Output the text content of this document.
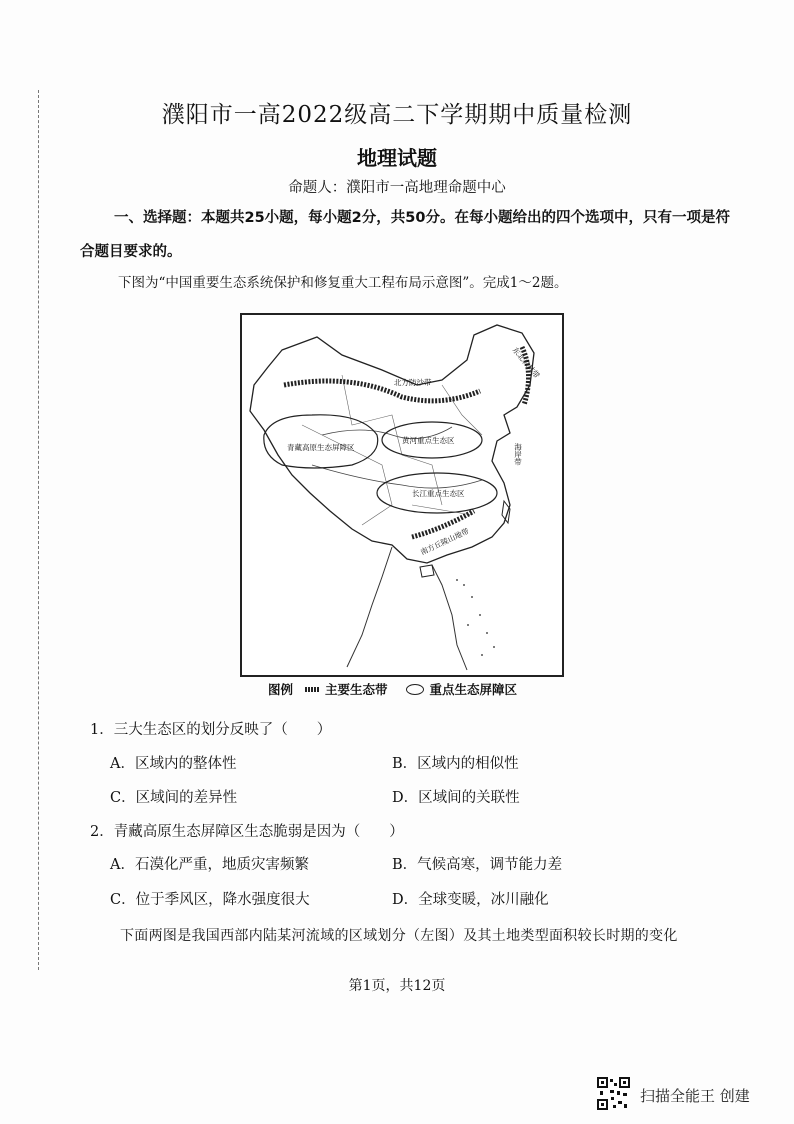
濮阳市一高2022级高二下学期期中质量检测
地理试题
命题人：濮阳市一高地理命题中心
一、选择题：本题共25小题，每小题2分，共50分。在每小题给出的四个选项中，只有一项是符合题目要求的。
下图为“中国重要生态系统保护和修复重大工程布局示意图”。完成1～2题。
北方防沙带
东北森林带
青藏高原生态屏障区
黄河重点生态区
长江重点生态区
海岸带
南方丘陵山地带
图例	主要生态带	重点生态屏障区
1．三大生态区的划分反映了（　　）
A．区域内的整体性	B．区域内的相似性
C．区域间的差异性	D．区域间的关联性
2．青藏高原生态屏障区生态脆弱是因为（　　）
A．石漠化严重，地质灾害频繁	B．气候高寒，调节能力差
C．位于季风区，降水强度很大	D．全球变暖，冰川融化
下面两图是我国西部内陆某河流域的区域划分（左图）及其土地类型面积较长时期的变化
第1页，共12页
扫描全能王 创建
